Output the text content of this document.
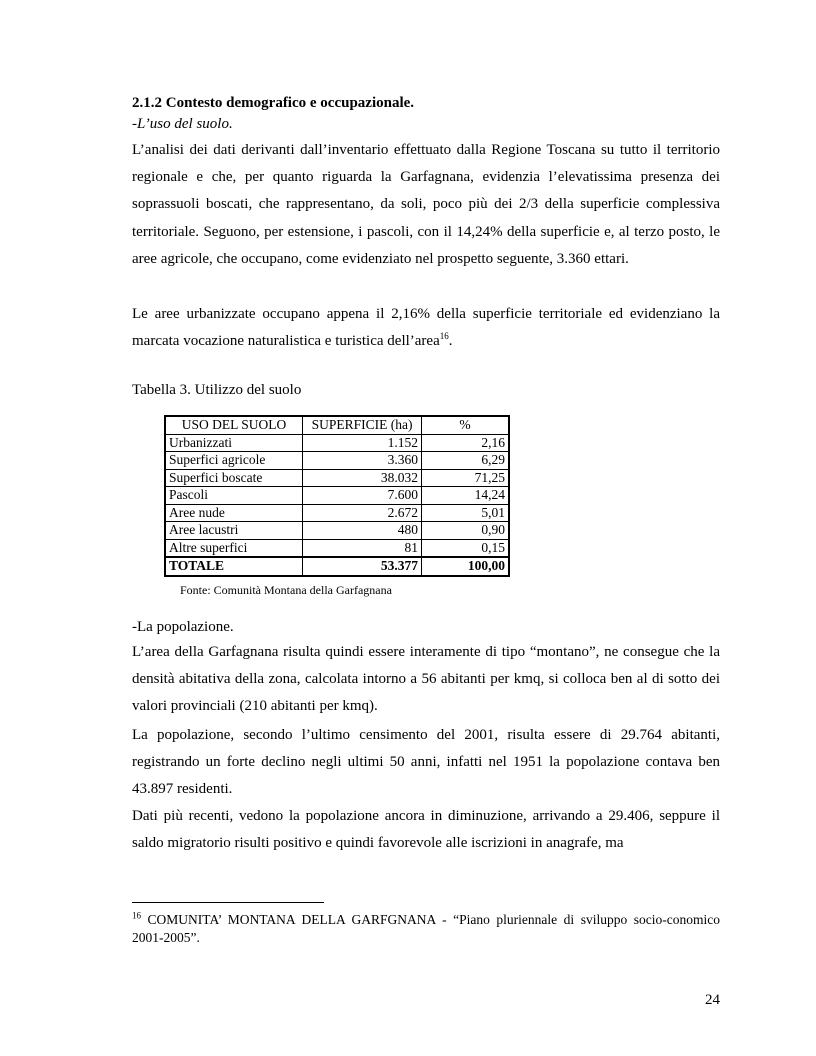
2.1.2 Contesto demografico e occupazionale.
-L’uso del suolo.
L’analisi dei dati derivanti dall’inventario effettuato dalla Regione Toscana su tutto il territorio regionale e che, per quanto riguarda la Garfagnana, evidenzia l’elevatissima presenza dei soprassuoli boscati, che rappresentano, da soli, poco più dei 2/3 della superficie complessiva territoriale. Seguono, per estensione, i pascoli, con il 14,24% della superficie e, al terzo posto, le aree agricole, che occupano, come evidenziato nel prospetto seguente, 3.360 ettari.
Le aree urbanizzate occupano appena il 2,16% della superficie territoriale ed evidenziano la marcata vocazione naturalistica e turistica dell’area$^{16}$.
Tabella 3. Utilizzo del suolo
USO DEL SUOLO	SUPERFICIE (ha)	%
Urbanizzati	1.152	2,16
Superfici agricole	3.360	6,29
Superfici boscate	38.032	71,25
Pascoli	7.600	14,24
Aree nude	2.672	5,01
Aree lacustri	480	0,90
Altre superfici	81	0,15
TOTALE	53.377	100,00
Fonte: Comunità Montana della Garfagnana
-La popolazione.
L’area della Garfagnana risulta quindi essere interamente di tipo “montano”, ne consegue che la densità abitativa della zona, calcolata intorno a 56 abitanti per kmq, si colloca ben al di sotto dei valori provinciali (210 abitanti per kmq).
La popolazione, secondo l’ultimo censimento del 2001, risulta essere di 29.764 abitanti, registrando un forte declino negli ultimi 50 anni, infatti nel 1951 la popolazione contava ben 43.897 residenti.
Dati più recenti, vedono la popolazione ancora in diminuzione, arrivando a 29.406, seppure il saldo migratorio risulti positivo e quindi favorevole alle iscrizioni in anagrafe, ma
$^{16}$ COMUNITA’ MONTANA DELLA GARFGNANA - “Piano pluriennale di sviluppo socio-conomico 2001-2005”.
24
